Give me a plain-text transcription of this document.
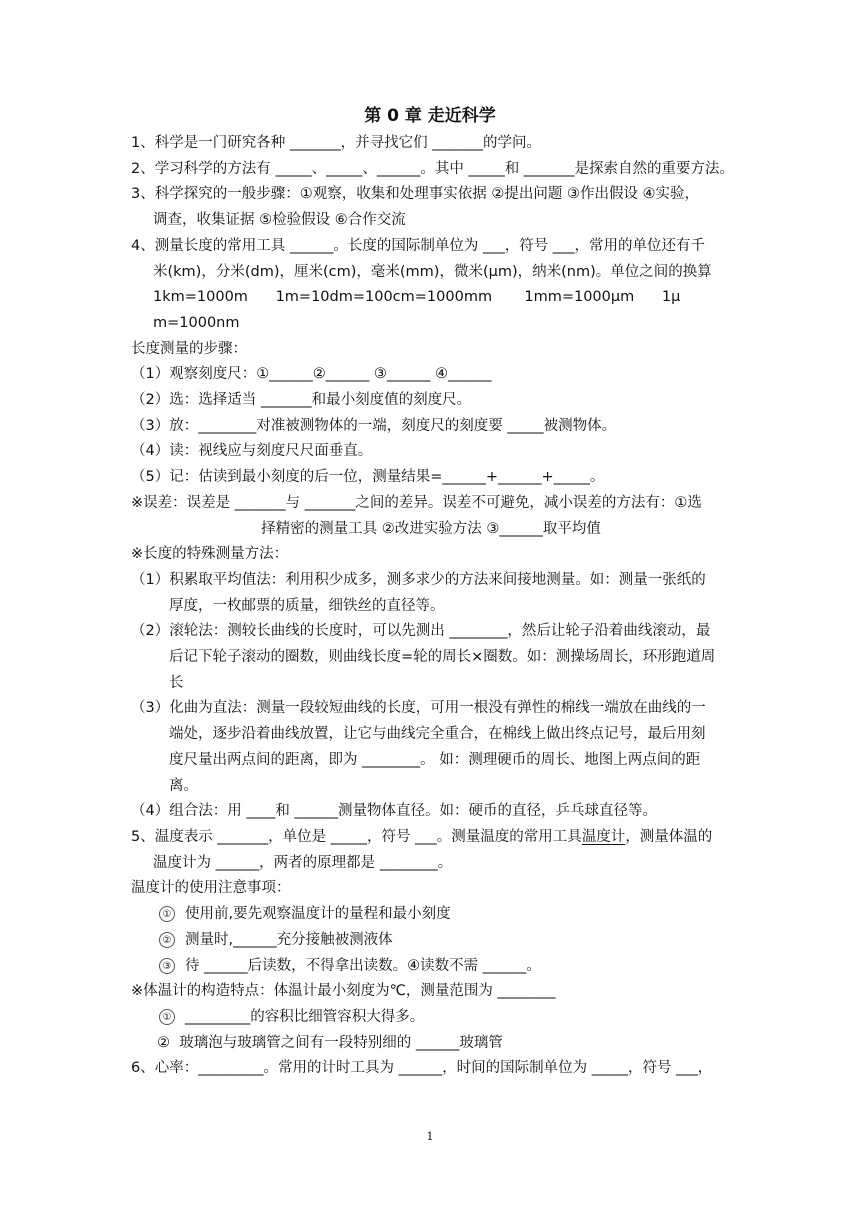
第 0 章 走近科学
1、科学是一门研究各种 _______，并寻找它们 _______的学问。
2、学习科学的方法有 _____、_____、______。其中 _____和 _______是探索自然的重要方法。
3、科学探究的一般步骤：①观察，收集和处理事实依据 ②提出问题 ③作出假设 ④实验，
调查，收集证据 ⑤检验假设 ⑥合作交流
4、测量长度的常用工具 ______。长度的国际制单位为 ___，符号 ___，常用的单位还有千
米(km)，分米(dm)，厘米(cm)，毫米(mm)，微米(μm)，纳米(nm)。单位之间的换算
1km=1000m      1m=10dm=100cm=1000mm       1mm=1000μm      1μ
m=1000nm
长度测量的步骤：
（1）观察刻度尺：①______②______ ③______ ④______
（2）选：选择适当 _______和最小刻度值的刻度尺。
（3）放：________对准被测物体的一端，刻度尺的刻度要 _____被测物体。
（4）读：视线应与刻度尺尺面垂直。
（5）记：估读到最小刻度的后一位，测量结果=______+______+_____。
※误差：误差是 _______与 _______之间的差异。误差不可避免，减小误差的方法有：①选
择精密的测量工具 ②改进实验方法 ③______取平均值
※长度的特殊测量方法：
（1）积累取平均值法：利用积少成多，测多求少的方法来间接地测量。如：测量一张纸的
厚度，一枚邮票的质量，细铁丝的直径等。
（2）滚轮法：测较长曲线的长度时，可以先测出 ________，然后让轮子沿着曲线滚动，最
后记下轮子滚动的圈数，则曲线长度=轮的周长×圈数。如：测操场周长，环形跑道周
长
（3）化曲为直法：测量一段较短曲线的长度，可用一根没有弹性的棉线一端放在曲线的一
端处，逐步沿着曲线放置，让它与曲线完全重合，在棉线上做出终点记号，最后用刻
度尺量出两点间的距离，即为 ________。 如：测理硬币的周长、地图上两点间的距
离。
（4）组合法：用 ____和 ______测量物体直径。如：硬币的直径，乒乓球直径等。
5、温度表示 _______，单位是 _____，符号 ___。测量温度的常用工具温度计，测量体温的
温度计为 ______，两者的原理都是 ________。
温度计的使用注意事项：
① 使用前,要先观察温度计的量程和最小刻度
② 测量时,______充分接触被测液体
③ 待 ______后读数，不得拿出读数。④读数不需 ______。
※体温计的构造特点：体温计最小刻度为℃，测量范围为 ________
① _________的容积比细管容积大得多。
②  玻璃泡与玻璃管之间有一段特别细的 ______玻璃管
6、心率：_________。常用的计时工具为 ______，时间的国际制单位为 _____，符号 ___，
1
